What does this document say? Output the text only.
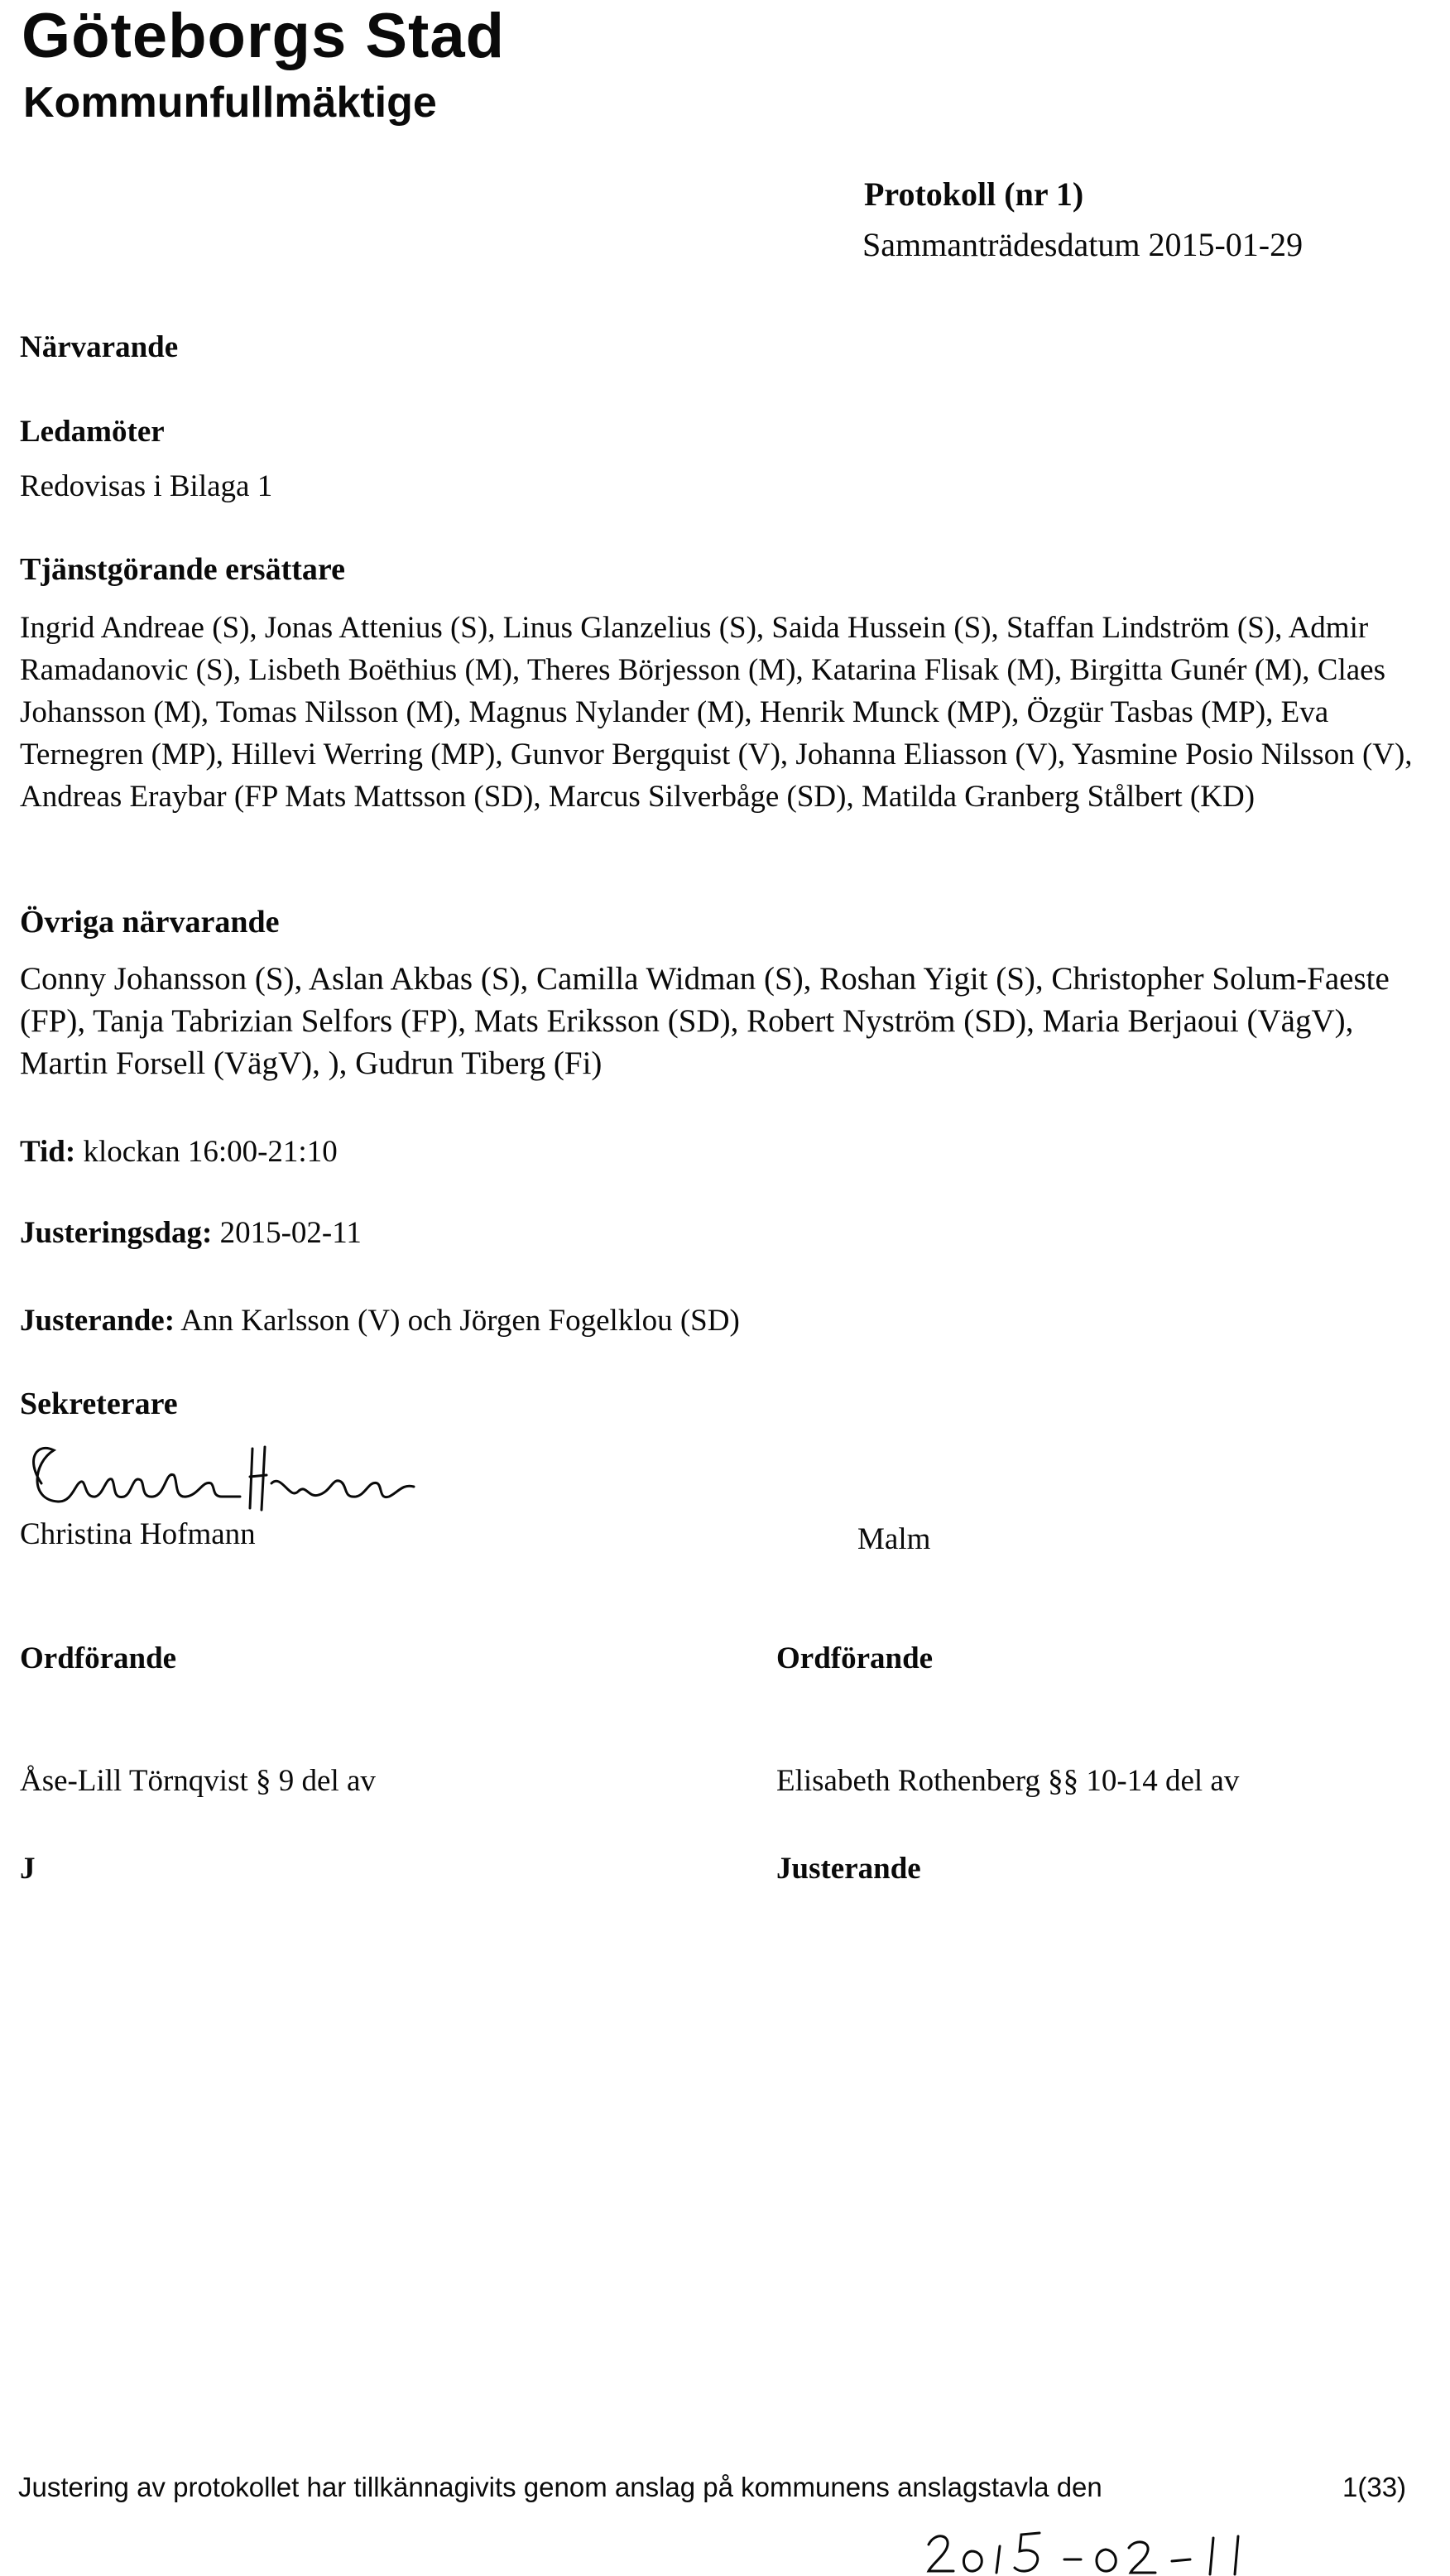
Göteborgs Stad
Kommunfullmäktige
Protokoll (nr 1)
Sammanträdesdatum 2015-01-29
Närvarande
Ledamöter
Redovisas i Bilaga 1
Tjänstgörande ersättare
Ingrid Andreae (S), Jonas Attenius (S), Linus Glanzelius (S), Saida Hussein (S), Staffan Lindström (S), Admir Ramadanovic (S), Lisbeth Boëthius (M), Theres Börjesson (M), Katarina Flisak (M), Birgitta Gunér (M), Claes Johansson (M), Tomas Nilsson (M), Magnus Nylander (M), Henrik Munck (MP), Özgür Tasbas (MP), Eva Ternegren (MP), Hillevi Werring (MP), Gunvor Bergquist (V), Johanna Eliasson (V), Yasmine Posio Nilsson (V), Andreas Eraybar (FP Mats Mattsson (SD), Marcus Silverbåge (SD), Matilda Granberg Stålbert (KD)
Övriga närvarande
Conny Johansson (S), Aslan Akbas (S), Camilla Widman (S), Roshan Yigit (S), Christopher Solum-Faeste (FP), Tanja Tabrizian Selfors (FP), Mats Eriksson (SD), Robert Nyström (SD), Maria Berjaoui (VägV), Martin Forsell (VägV), ), Gudrun Tiberg (Fi)
Tid: klockan 16:00-21:10
Justeringsdag: 2015-02-11
Justerande: Ann Karlsson (V) och Jörgen Fogelklou (SD)
Sekreterare
Christina Hofmann	Malm
Ordförande	Ordförande
Åse-Lill Törnqvist § 9 del av	Elisabeth Rothenberg §§ 10-14 del av
J	Justerande
Justering av protokollet har tillkännagivits genom anslag på kommunens anslagstavla den	1(33)
